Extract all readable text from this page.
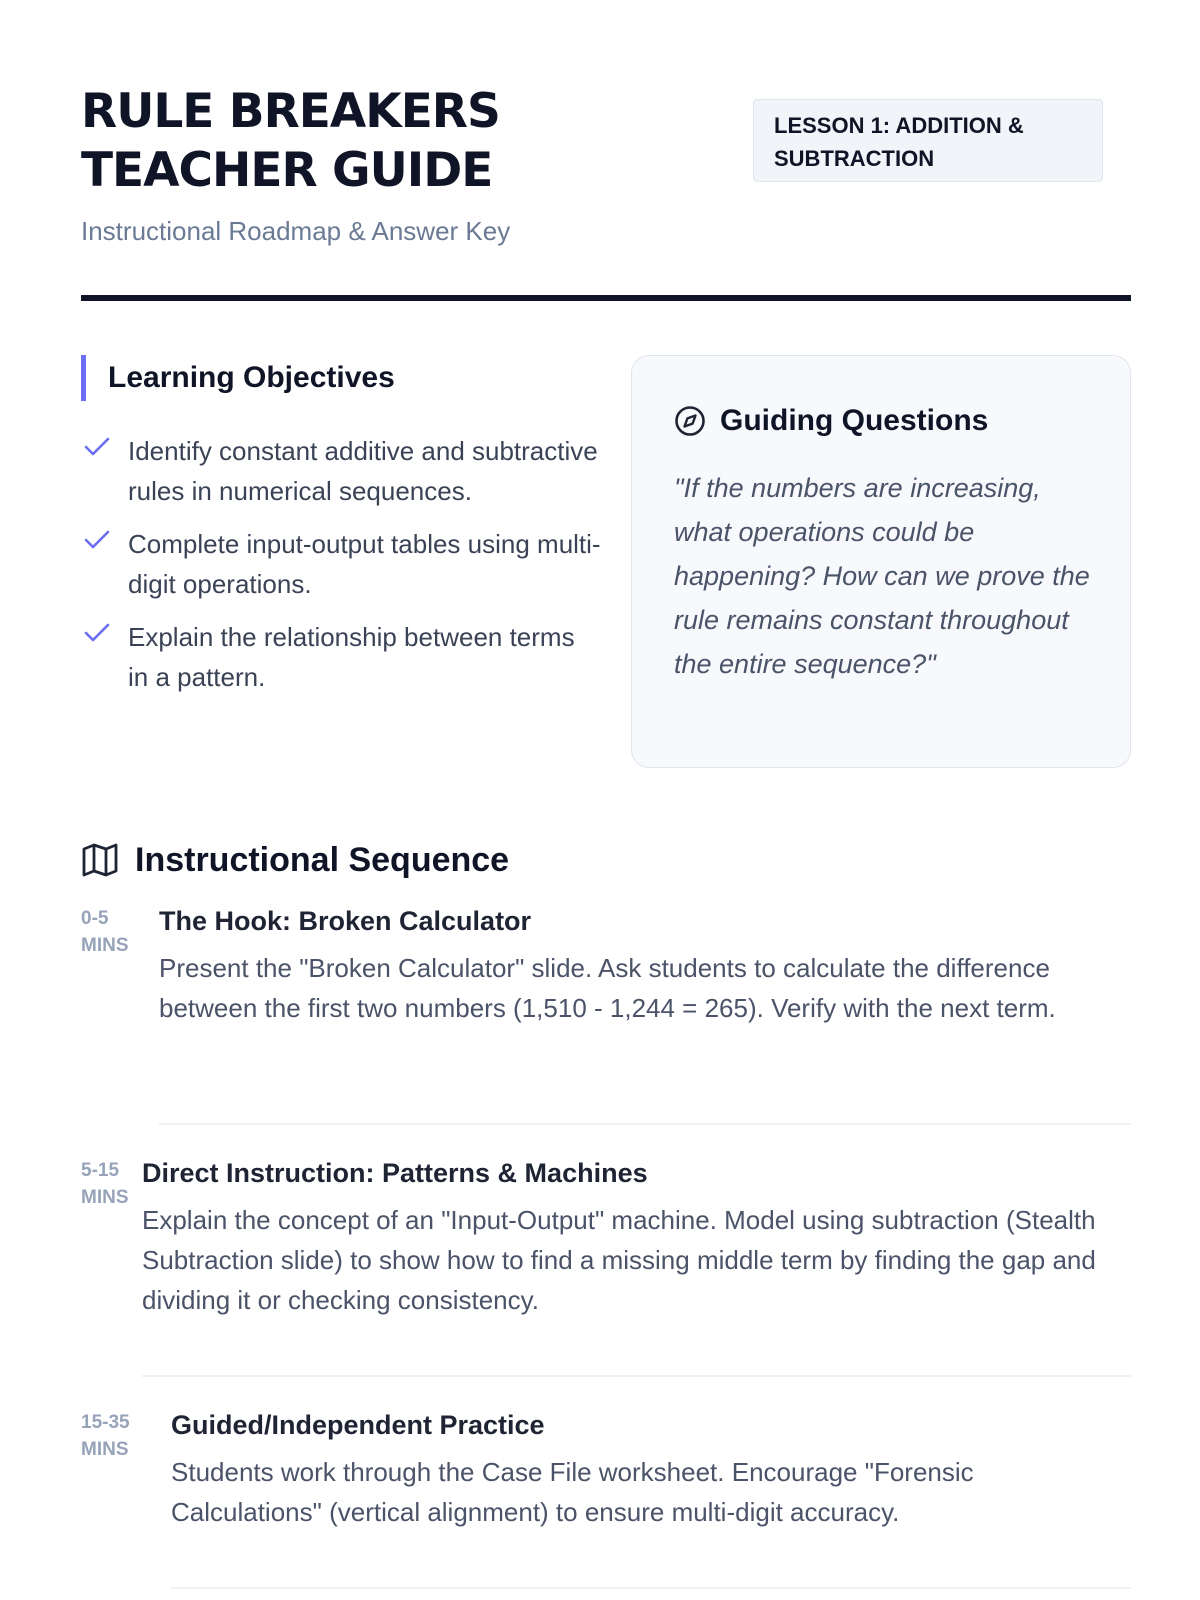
RULE BREAKERS
TEACHER GUIDE
LESSON 1: ADDITION & SUBTRACTION
Instructional Roadmap & Answer Key
Learning Objectives
Identify constant additive and subtractive rules in numerical sequences.
Complete input-output tables using multi-digit operations.
Explain the relationship between terms in a pattern.
Guiding Questions

"If the numbers are increasing, what operations could be happening? How can we prove the rule remains constant throughout the entire sequence?"

Instructional Sequence
0-5 MINS
The Hook: Broken Calculator

Present the "Broken Calculator" slide. Ask students to calculate the difference between the first two numbers (1,510 - 1,244 = 265). Verify with the next term.

5-15 MINS
Direct Instruction: Patterns & Machines

Explain the concept of an "Input-Output" machine. Model using subtraction (Stealth Subtraction slide) to show how to find a missing middle term by finding the gap and dividing it or checking consistency.

15-35 MINS
Guided/Independent Practice

Students work through the Case File worksheet. Encourage "Forensic Calculations" (vertical alignment) to ensure multi-digit accuracy.
